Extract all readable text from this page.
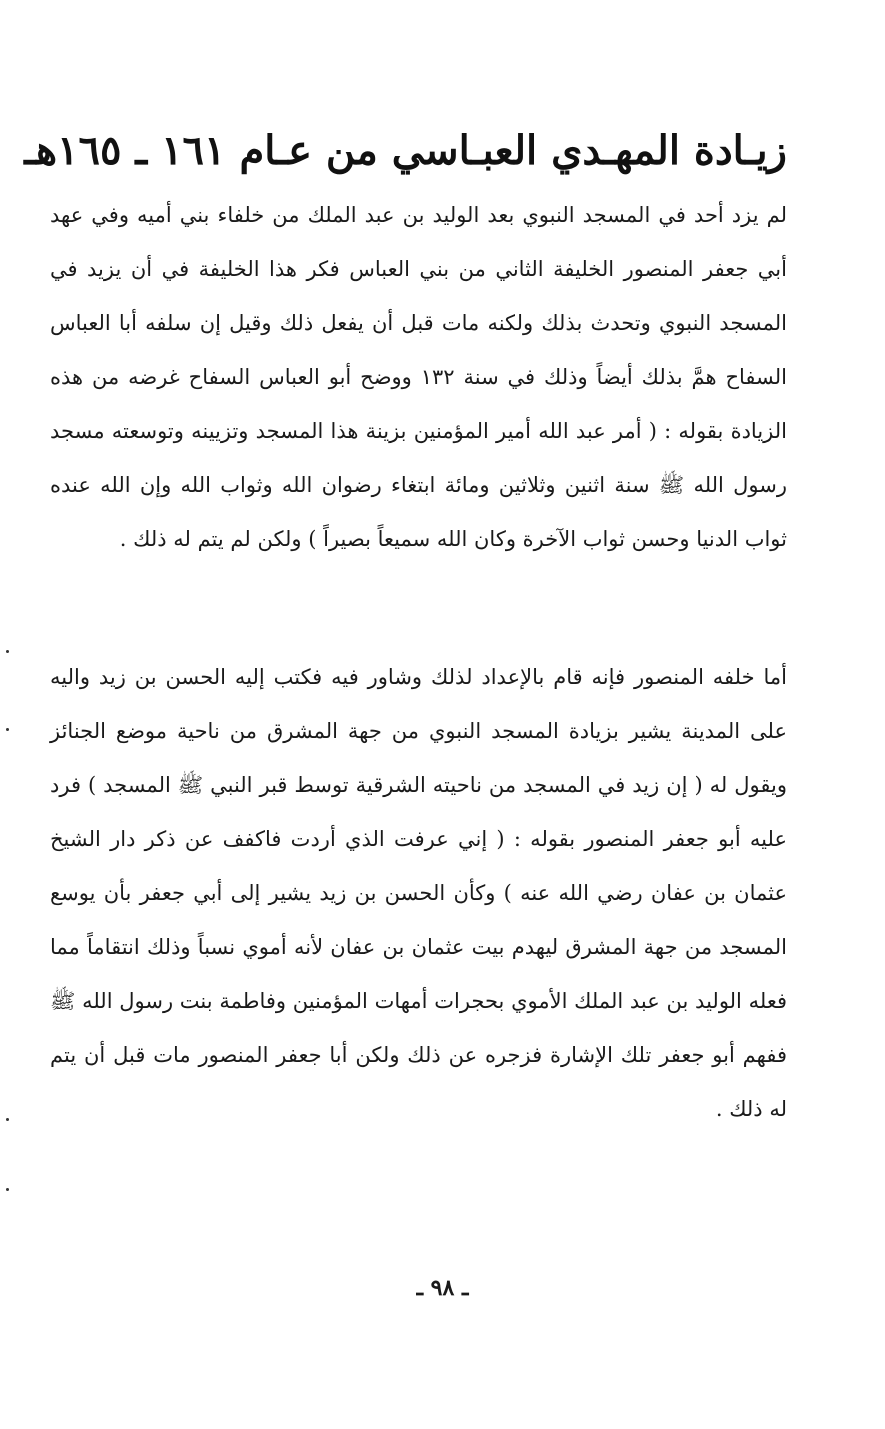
زيـادة المهـدي العبـاسي من عـام ١٦١ ـ ١٦٥هـ

لم يزد أحد في المسجد النبوي بعد الوليد بن عبد الملك من خلفاء بني أميه وفي عهد أبي جعفر المنصور الخليفة الثاني من بني العباس فكر هذا الخليفة في أن يزيد في المسجد النبوي وتحدث بذلك ولكنه مات قبل أن يفعل ذلك وقيل إن سلفه أبا العباس السفاح همَّ بذلك أيضاً وذلك في سنة ١٣٢ ووضح أبو العباس السفاح غرضه من هذه الزيادة بقوله : ( أمر عبد الله أمير المؤمنين بزينة هذا المسجد وتزيينه وتوسعته مسجد رسول الله ﷺ سنة اثنين وثلاثين ومائة ابتغاء رضوان الله وثواب الله وإن الله عنده ثواب الدنيا وحسن ثواب الآخرة وكان الله سميعاً بصيراً ) ولكن لم يتم له ذلك .

أما خلفه المنصور فإنه قام بالإعداد لذلك وشاور فيه فكتب إليه الحسن بن زيد واليه على المدينة يشير بزيادة المسجد النبوي من جهة المشرق من ناحية موضع الجنائز ويقول له ( إن زيد في المسجد من ناحيته الشرقية توسط قبر النبي ﷺ المسجد ) فرد عليه أبو جعفر المنصور بقوله : ( إني عرفت الذي أردت فاكفف عن ذكر دار الشيخ عثمان بن عفان رضي الله عنه ) وكأن الحسن بن زيد يشير إلى أبي جعفر بأن يوسع المسجد من جهة المشرق ليهدم بيت عثمان بن عفان لأنه أموي نسباً وذلك انتقاماً مما فعله الوليد بن عبد الملك الأموي بحجرات أمهات المؤمنين وفاطمة بنت رسول الله ﷺ ففهم أبو جعفر تلك الإشارة فزجره عن ذلك ولكن أبا جعفر المنصور مات قبل أن يتم له ذلك .

ـ ٩٨ ـ
